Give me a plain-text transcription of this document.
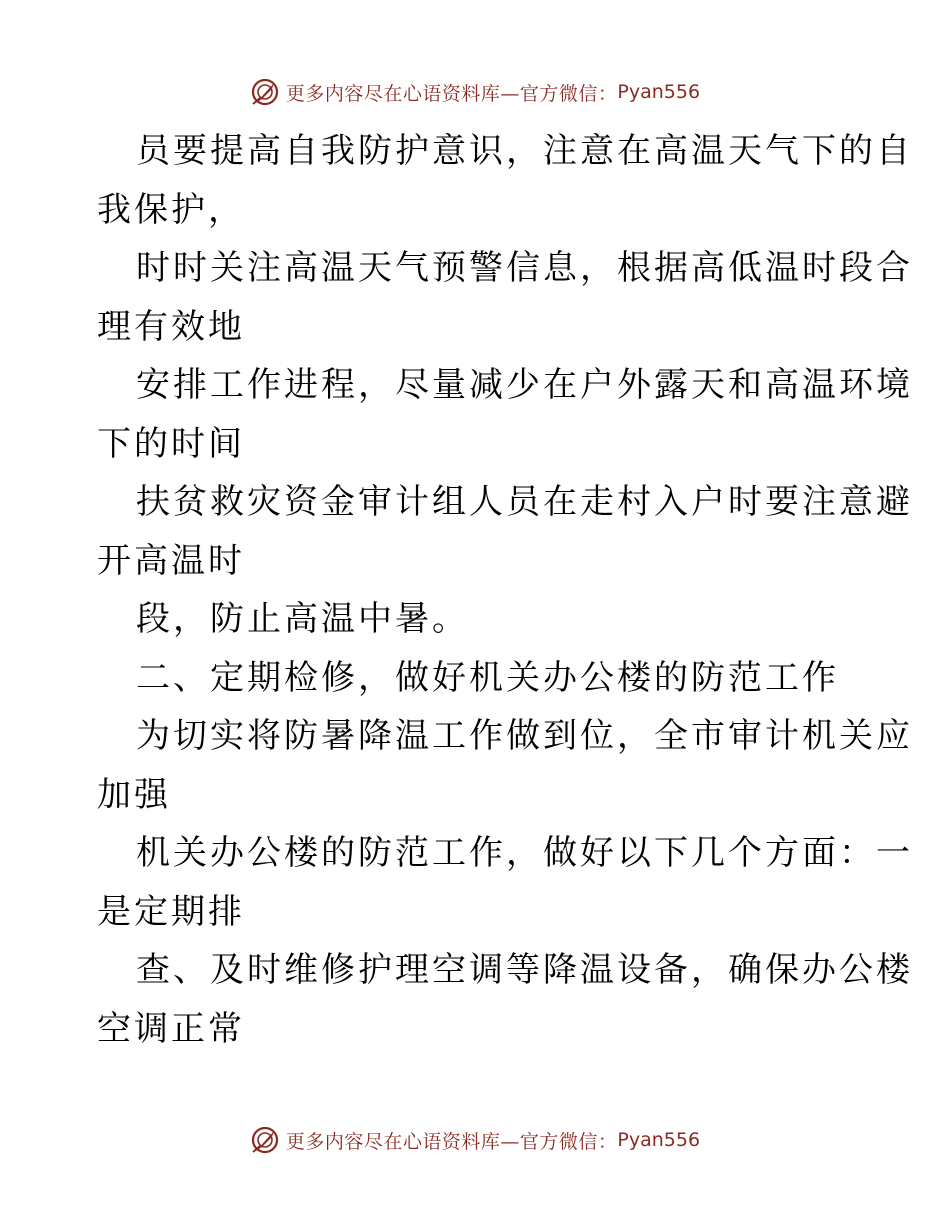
更多内容尽在心语资料库—官方微信： Pyan556
员要提高自我防护意识，注意在高温天气下的自
我保护，
时时关注高温天气预警信息，根据高低温时段合
理有效地
安排工作进程，尽量减少在户外露天和高温环境
下的时间
扶贫救灾资金审计组人员在走村入户时要注意避
开高温时
段，防止高温中暑。
二、定期检修，做好机关办公楼的防范工作
为切实将防暑降温工作做到位，全市审计机关应
加强
机关办公楼的防范工作，做好以下几个方面：一
是定期排
查、及时维修护理空调等降温设备，确保办公楼
空调正常
更多内容尽在心语资料库—官方微信： Pyan556
